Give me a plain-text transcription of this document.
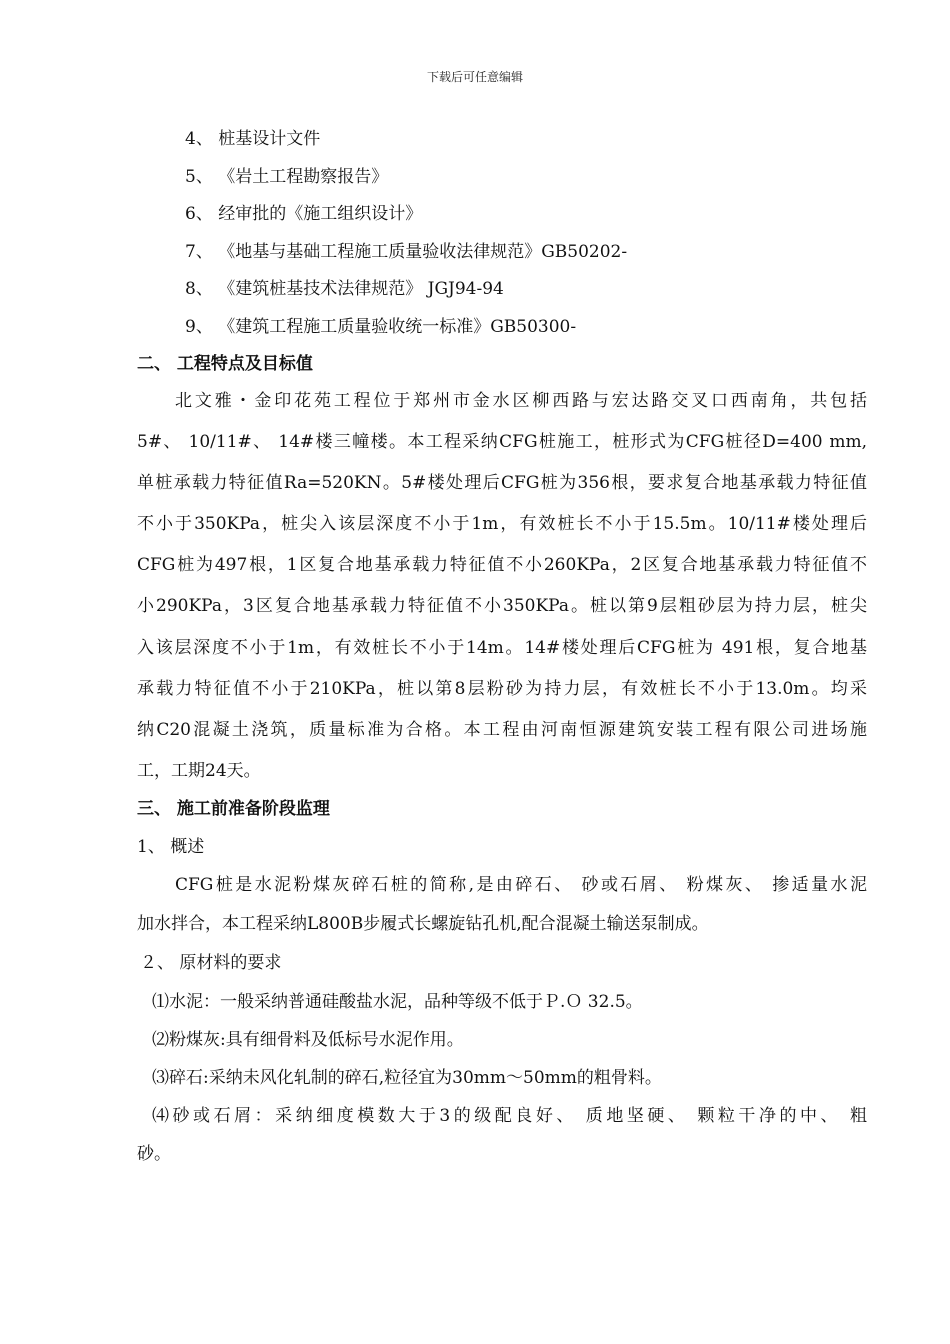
下载后可任意编辑
4、 桩基设计文件
5、 《岩土工程勘察报告》
6、 经审批的《施工组织设计》
7、 《地基与基础工程施工质量验收法律规范》GB50202-
8、 《建筑桩基技术法律规范》 JGJ94-94
9、 《建筑工程施工质量验收统一标准》GB50300-
二、 工程特点及目标值
北文雅・金印花苑工程位于郑州市金水区柳西路与宏达路交叉口西南角，共包括
5#、 10/11#、 14#楼三幢楼。本工程采纳CFG桩施工，桩形式为CFG桩径D=400 mm,
单桩承载力特征值Ra=520KN。5#楼处理后CFG桩为356根，要求复合地基承载力特征值
不小于350KPa，桩尖入该层深度不小于1m，有效桩长不小于15.5m。10/11#楼处理后
CFG桩为497根，1区复合地基承载力特征值不小260KPa，2区复合地基承载力特征值不
小290KPa，3区复合地基承载力特征值不小350KPa。桩以第9层粗砂层为持力层，桩尖
入该层深度不小于1m，有效桩长不小于14m。14#楼处理后CFG桩为 491根，复合地基
承载力特征值不小于210KPa，桩以第8层粉砂为持力层，有效桩长不小于13.0m。均采
纳C20混凝土浇筑，质量标准为合格。本工程由河南恒源建筑安装工程有限公司进场施
工，工期24天。
三、 施工前准备阶段监理
1、 概述
CFG桩是水泥粉煤灰碎石桩的简称,是由碎石、 砂或石屑、 粉煤灰、 掺适量水泥
加水拌合，本工程采纳L800B步履式长螺旋钻孔机,配合混凝土输送泵制成。
２、 原材料的要求
⑴水泥：一般采纳普通硅酸盐水泥，品种等级不低于Ｐ.Ｏ 32.5。
⑵粉煤灰:具有细骨料及低标号水泥作用。
⑶碎石:采纳未风化轧制的碎石,粒径宜为30mm～50mm的粗骨料。
⑷砂或石屑：采纳细度模数大于3的级配良好、 质地坚硬、 颗粒干净的中、 粗
砂。
